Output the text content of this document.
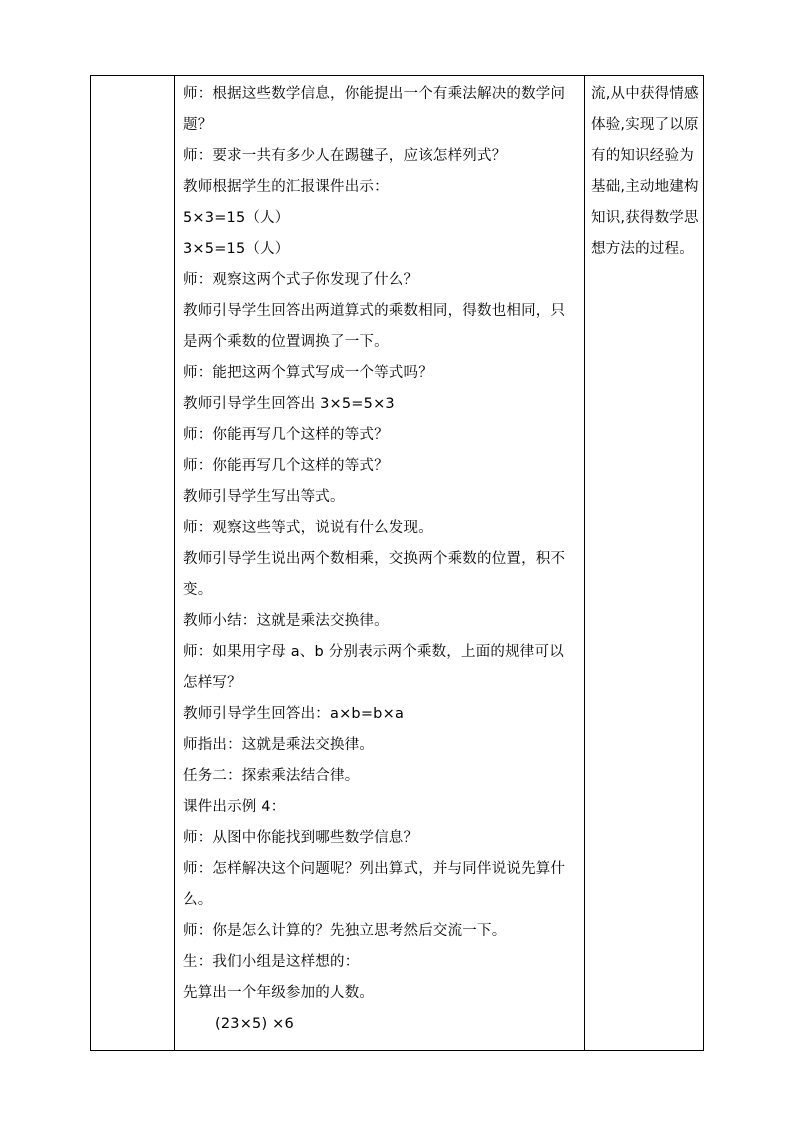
师：根据这些数学信息，你能提出一个有乘法解决的数学问题？

师：要求一共有多少人在踢毽子，应该怎样列式？

教师根据学生的汇报课件出示：

5×3=15（人）

3×5=15（人）

师：观察这两个式子你发现了什么？

教师引导学生回答出两道算式的乘数相同，得数也相同，只是两个乘数的位置调换了一下。

师：能把这两个算式写成一个等式吗？

教师引导学生回答出 3×5=5×3

师：你能再写几个这样的等式？

师：你能再写几个这样的等式？

教师引导学生写出等式。

师：观察这些等式，说说有什么发现。

教师引导学生说出两个数相乘，交换两个乘数的位置，积不变。

教师小结：这就是乘法交换律。

师：如果用字母 a、b 分别表示两个乘数，上面的规律可以怎样写？

教师引导学生回答出：a×b=b×a

师指出：这就是乘法交换律。

任务二：探索乘法结合律。

课件出示例 4：

师：从图中你能找到哪些数学信息？

师：怎样解决这个问题呢？列出算式，并与同伴说说先算什么。

师：你是怎么计算的？先独立思考然后交流一下。

生：我们小组是这样想的：

先算出一个年级参加的人数。

(23×5) ×6

流,从中获得情感体验,实现了以原有的知识经验为基础,主动地建构知识,获得数学思想方法的过程。
